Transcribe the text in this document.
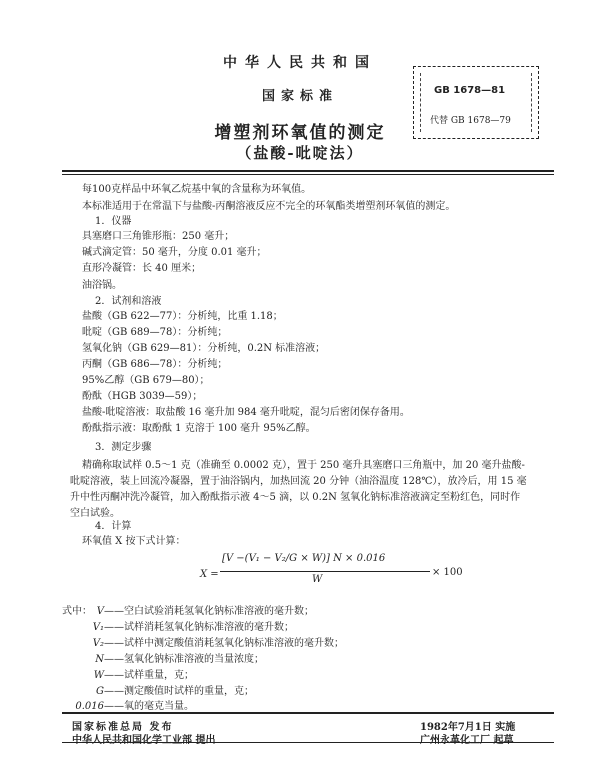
中华人民共和国
国家标准
增塑剂环氧值的测定
（盐酸-吡啶法）
GB 1678—81
代替 GB 1678—79
每100克样品中环氧乙烷基中氧的含量称为环氧值。
本标准适用于在常温下与盐酸-丙酮溶液反应不完全的环氧酯类增塑剂环氧值的测定。
1．仪器
具塞磨口三角锥形瓶：250 毫升；
碱式滴定管：50 毫升，分度 0.01 毫升；
直形冷凝管：长 40 厘米；
油浴锅。
2．试剂和溶液
盐酸（GB 622—77）：分析纯，比重 1.18；
吡啶（GB 689—78）：分析纯；
氢氧化钠（GB 629—81）：分析纯，0.2N 标准溶液；
丙酮（GB 686—78）：分析纯；
95%乙醇（GB 679—80）；
酚酞（HGB 3039—59）；
盐酸-吡啶溶液：取盐酸 16 毫升加 984 毫升吡啶，混匀后密闭保存备用。
酚酞指示液：取酚酞 1 克溶于 100 毫升 95%乙醇。
3．测定步骤
精确称取试样 0.5～1 克（准确至 0.0002 克），置于 250 毫升具塞磨口三角瓶中，加 20 毫升盐酸-
吡啶溶液，装上回流冷凝器，置于油浴锅内，加热回流 20 分钟（油浴温度 128℃），放冷后，用 15 毫
升中性丙酮冲洗冷凝管，加入酚酞指示液 4～5 滴，以 0.2N 氢氧化钠标准溶液滴定至粉红色，同时作
空白试验。
4．计算
环氧值 X 按下式计算：
X =
[V −(V₁ − V₂/G × W)] N × 0.016
W
× 100
式中： V——空白试验消耗氢氧化钠标准溶液的毫升数；
V₁——试样消耗氢氧化钠标准溶液的毫升数；
V₂——试样中测定酸值消耗氢氧化钠标准溶液的毫升数；
N——氢氧化钠标准溶液的当量浓度；
W——试样重量，克；
G——测定酸值时试样的重量，克；
0.016——氧的毫克当量。
国家标准总局 发布	1982年7月1日 实施
中华人民共和国化学工业部 提出	广州永革化工厂 起草
